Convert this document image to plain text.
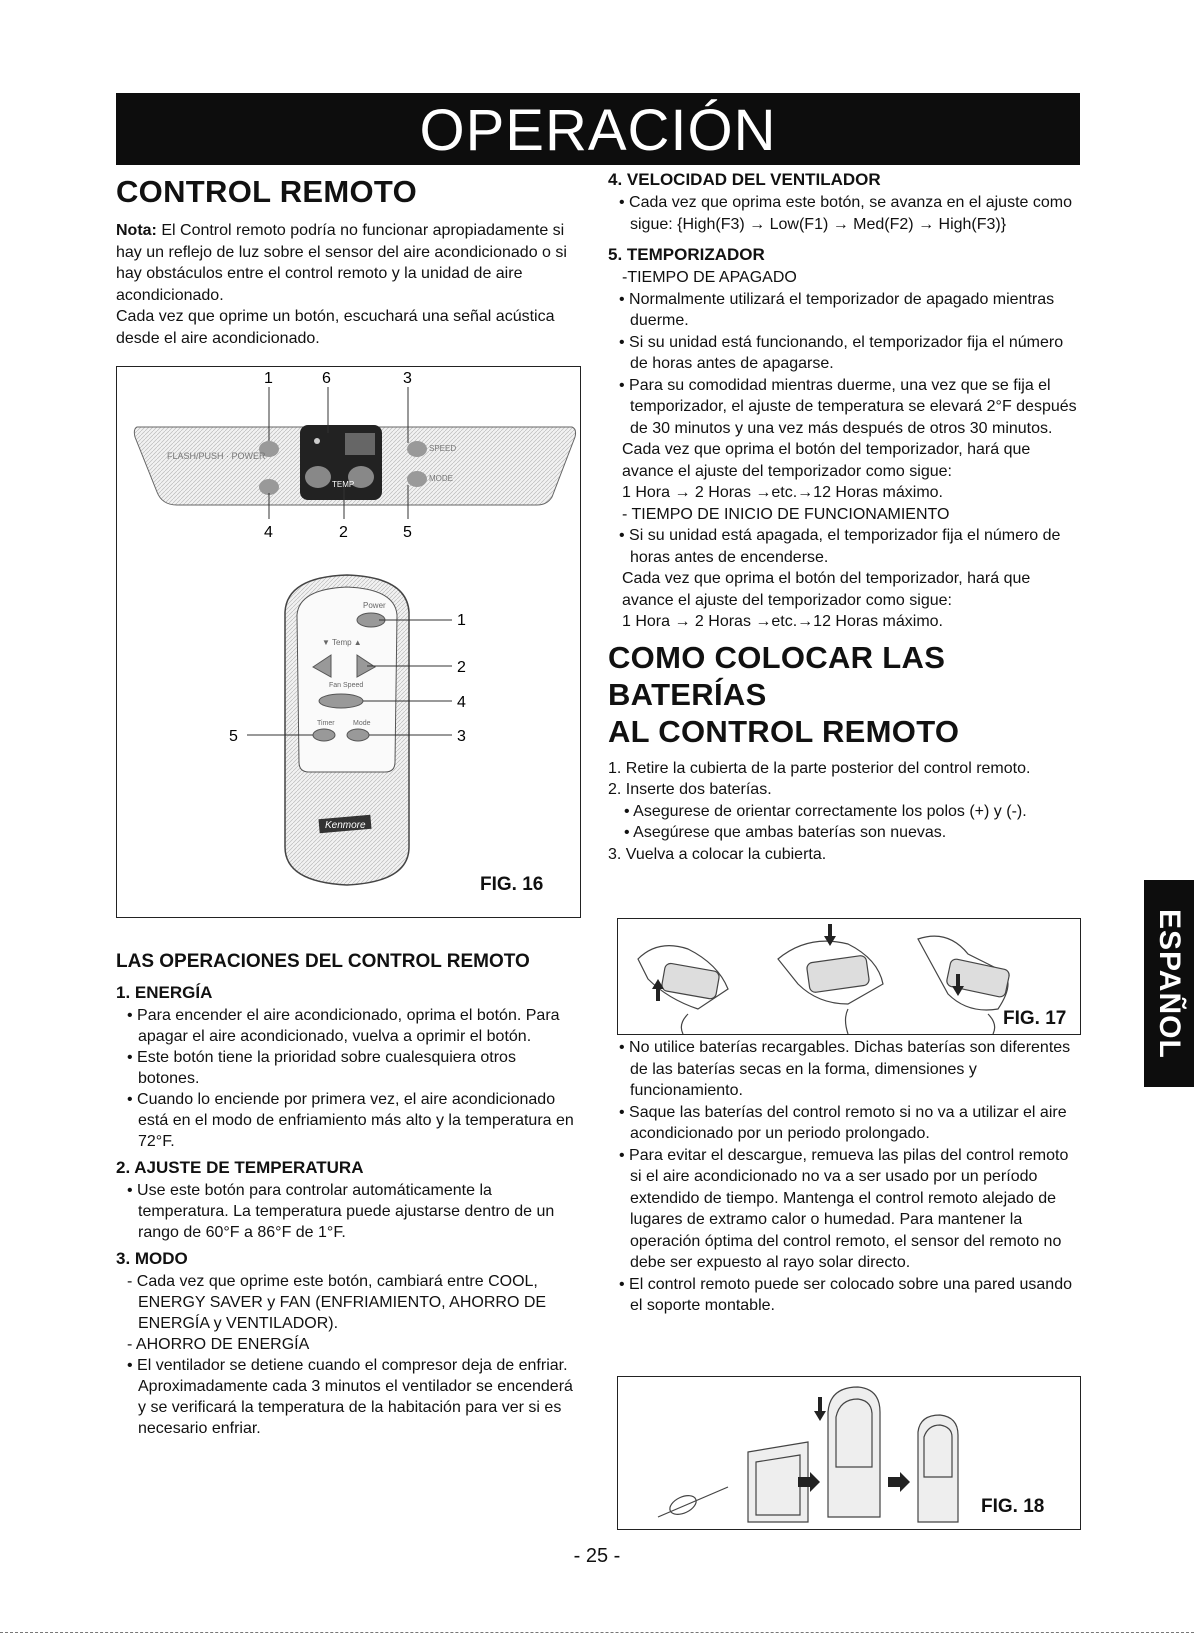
OPERACIÓN
CONTROL REMOTO

Nota: El Control remoto podría no funcionar apropiadamente si hay un reflejo de luz sobre el sensor del aire acondicionado o si hay obstáculos entre el control remoto y la unidad de aire acondicionado.

Cada vez que oprime un botón, escuchará una señal acústica desde el aire acondicionado.

TEMP
FLASH/PUSH · POWER
SPEED
MODE
1	6	3
4	2	5
Power
▼ Temp ▲
Fan Speed
Timer	Mode
Kenmore
1
2
4
3
5
FIG. 16
LAS OPERACIONES DEL CONTROL REMOTO
1. ENERGÍA

• Para encender el aire acondicionado, oprima el botón. Para apagar el aire acondicionado, vuelva a oprimir el botón.

• Este botón tiene la prioridad sobre cualesquiera otros botones.

• Cuando lo enciende por primera vez, el aire acondicionado está en el modo de enfriamiento más alto y la temperatura en 72°F.

2. AJUSTE DE TEMPERATURA

• Use este botón para controlar automáticamente la temperatura. La temperatura puede ajustarse dentro de un rango de 60°F a 86°F de 1°F.

3. MODO

- Cada vez que oprime este botón, cambiará entre COOL, ENERGY SAVER y FAN (ENFRIAMIENTO, AHORRO DE ENERGÍA y VENTILADOR).

- AHORRO DE ENERGÍA

• El ventilador se detiene cuando el compresor deja de enfriar.

Aproximadamente cada 3 minutos el ventilador se encenderá y se verificará la temperatura de la habitación para ver si es necesario enfriar.

4. VELOCIDAD DEL VENTILADOR

• Cada vez que oprima este botón, se avanza en el ajuste como sigue: {High(F3) → Low(F1) → Med(F2) → High(F3)}

5. TEMPORIZADOR

-TIEMPO DE APAGADO

• Normalmente utilizará el temporizador de apagado mientras duerme.

• Si su unidad está funcionando, el temporizador fija el número de horas antes de apagarse.

• Para su comodidad mientras duerme, una vez que se fija el temporizador, el ajuste de temperatura se elevará 2°F después de 30 minutos y una vez más después de otros 30 minutos.

Cada vez que oprima el botón del temporizador, hará que avance el ajuste del temporizador como sigue:

1 Hora → 2 Horas →etc.→12 Horas máximo.

- TIEMPO DE INICIO DE FUNCIONAMIENTO

• Si su unidad está apagada, el temporizador fija el número de horas antes de encenderse.

Cada vez que oprima el botón del temporizador, hará que avance el ajuste del temporizador como sigue:

1 Hora → 2 Horas →etc.→12 Horas máximo.

COMO COLOCAR LAS BATERÍAS
AL CONTROL REMOTO

1. Retire la cubierta de la parte posterior del control remoto.

2. Inserte dos baterías.

• Asegurese de orientar correctamente los polos (+) y (-).

• Asegúrese que ambas baterías son nuevas.

3. Vuelva a colocar la cubierta.

FIG. 17

• No utilice baterías recargables. Dichas baterías son diferentes de las baterías secas en la forma, dimensiones y funcionamiento.

• Saque las baterías del control remoto si no va a utilizar el aire acondicionado por un periodo prolongado.

• Para evitar el descargue, remueva las pilas del control remoto si el aire acondicionado no va a ser usado por un período extendido de tiempo. Mantenga el control remoto alejado de lugares de extramo calor o humedad. Para mantener la operación óptima del control remoto, el sensor del remoto no debe ser expuesto al rayo solar directo.

• El control remoto puede ser colocado sobre una pared usando el soporte montable.

FIG. 18
ESPAÑOL
- 25 -
